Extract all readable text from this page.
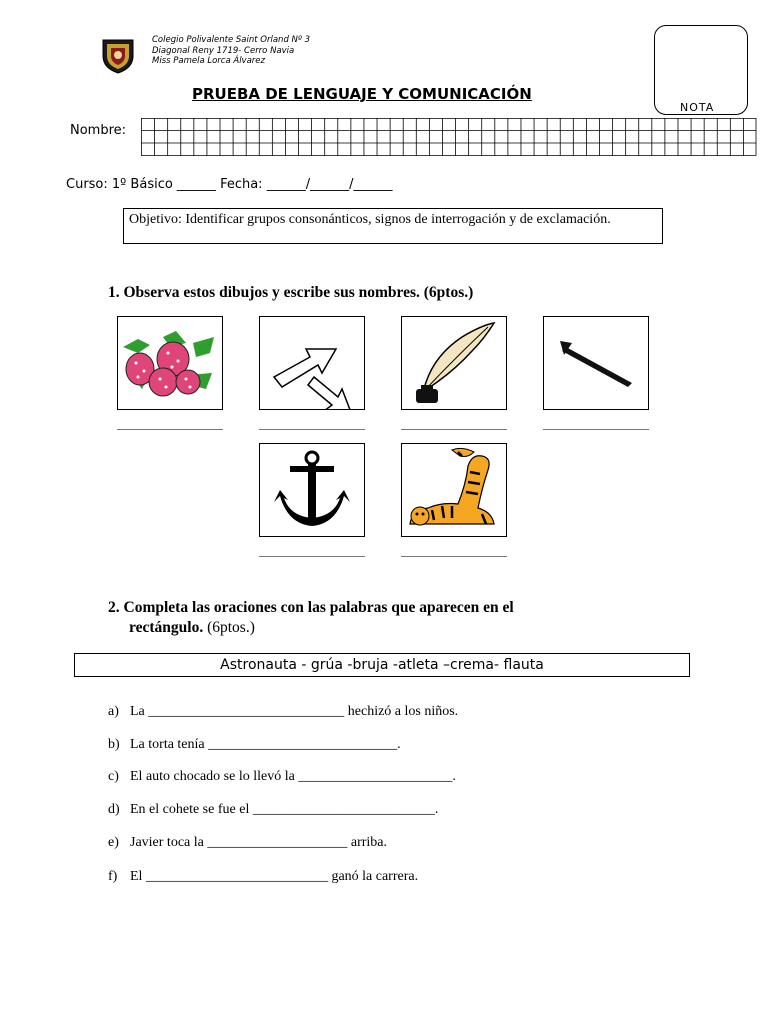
Colegio Polivalente Saint Orland Nº 3
Diagonal Reny 1719- Cerro Navia
Miss Pamela Lorca Álvarez
NOTA
PRUEBA DE LENGUAJE Y COMUNICACIÓN
Nombre:
Curso: 1º Básico ______ Fecha: ______/______/______
Objetivo: Identificar grupos consonánticos, signos de interrogación y de exclamación.
1. Observa estos dibujos y escribe sus nombres. (6ptos.)
2. Completa las oraciones con las palabras que aparecen en el
rectángulo. (6ptos.)
Astronauta - grúa -bruja -atleta –crema- flauta
a) La ____________________________ hechizó a los niños.
b) La torta tenía ___________________________.
c) El auto chocado se lo llevó la ______________________.
d) En el cohete se fue el __________________________.
e) Javier toca la ____________________ arriba.
f) El __________________________ ganó la carrera.
